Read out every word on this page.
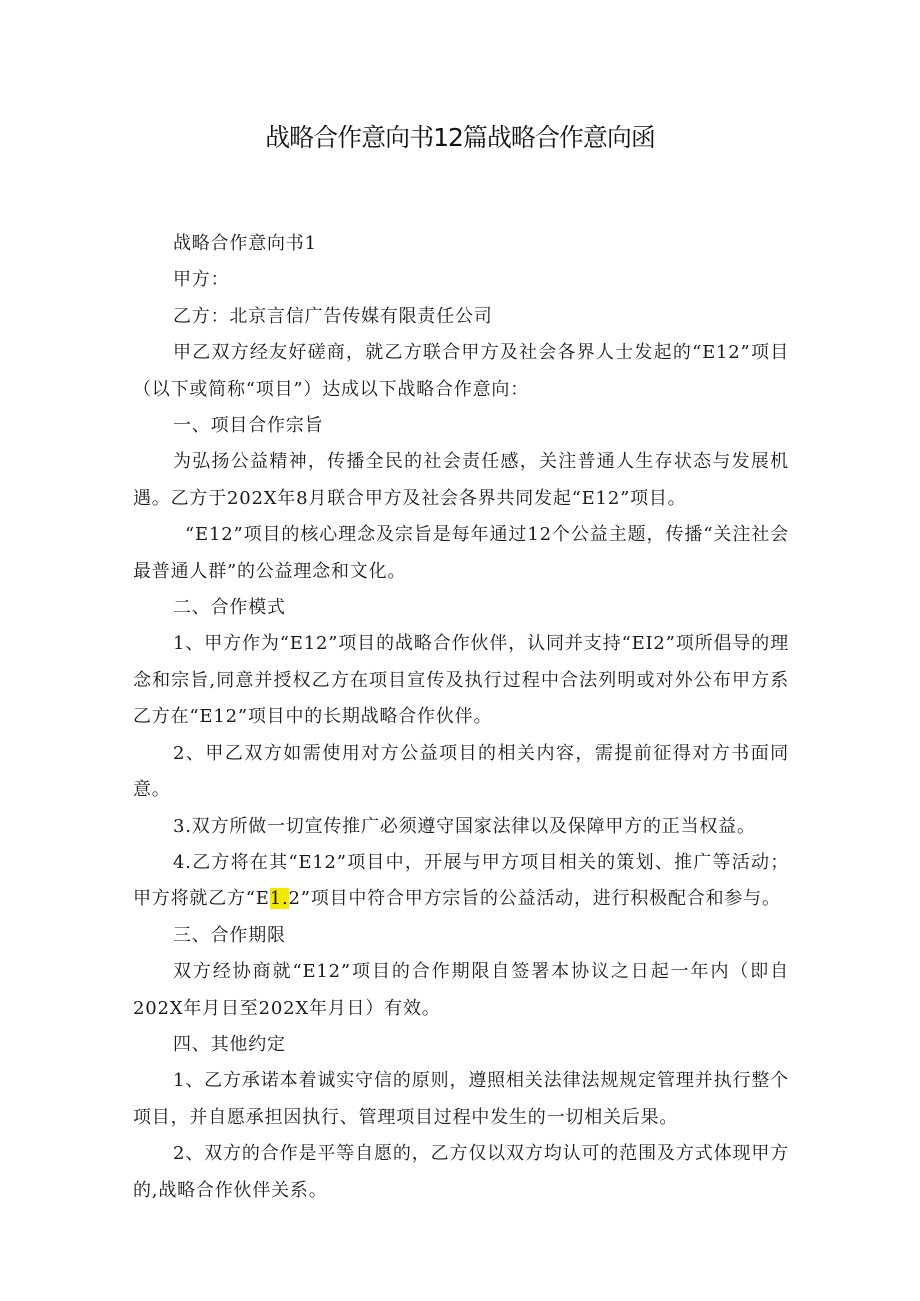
战略合作意向书12篇战略合作意向函

战略合作意向书1

甲方：

乙方：北京言信广告传媒有限责任公司

甲乙双方经友好磋商，就乙方联合甲方及社会各界人士发起的“E12”项目（以下或简称“项目”）达成以下战略合作意向：

一、项目合作宗旨

为弘扬公益精神，传播全民的社会责任感，关注普通人生存状态与发展机遇。乙方于202X年8月联合甲方及社会各界共同发起“E12”项目。

“E12”项目的核心理念及宗旨是每年通过12个公益主题，传播“关注社会最普通人群”的公益理念和文化。

二、合作模式

1、甲方作为“E12”项目的战略合作伙伴，认同并支持“EI2”项所倡导的理念和宗旨,同意并授权乙方在项目宣传及执行过程中合法列明或对外公布甲方系乙方在“E12”项目中的长期战略合作伙伴。

2、甲乙双方如需使用对方公益项目的相关内容，需提前征得对方书面同意。

3.双方所做一切宣传推广必须遵守国家法律以及保障甲方的正当权益。

4.乙方将在其“E12”项目中，开展与甲方项目相关的策划、推广等活动；甲方将就乙方“E1.2”项目中符合甲方宗旨的公益活动，进行积极配合和参与。

三、合作期限

双方经协商就“E12”项目的合作期限自签署本协议之日起一年内（即自202X年月日至202X年月日）有效。

四、其他约定

1、乙方承诺本着诚实守信的原则，遵照相关法律法规规定管理并执行整个项目，并自愿承担因执行、管理项目过程中发生的一切相关后果。

2、双方的合作是平等自愿的，乙方仅以双方均认可的范围及方式体现甲方的,战略合作伙伴关系。
